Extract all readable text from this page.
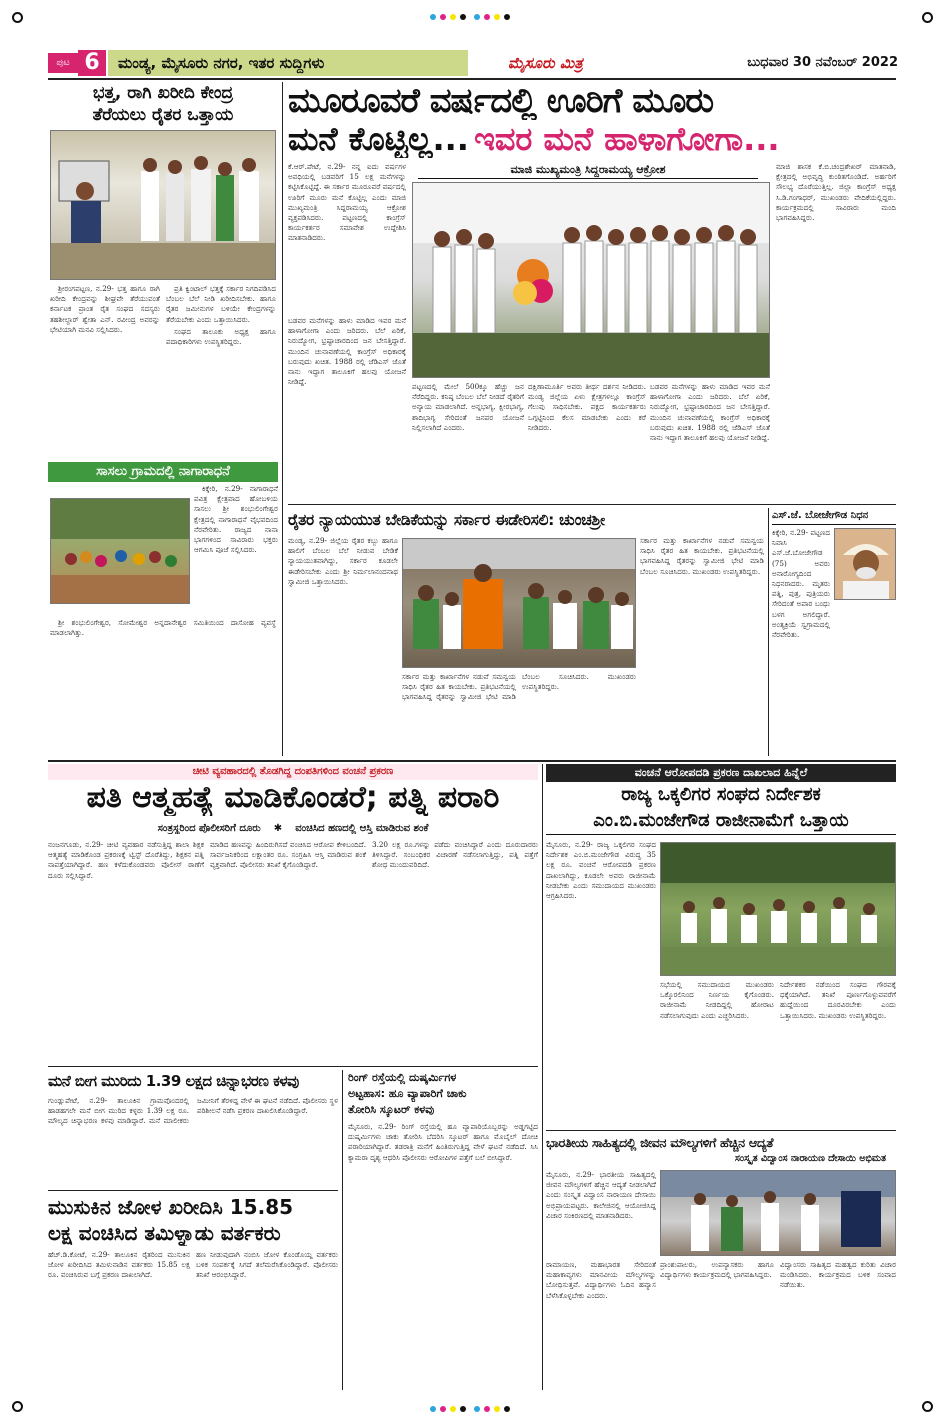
ಪುಟ 6	ಮಂಡ್ಯ, ಮೈಸೂರು ನಗರ, ಇತರ ಸುದ್ದಿಗಳು	ಮೈಸೂರು ಮಿತ್ರ	ಬುಧವಾರ 30 ನವೆಂಬರ್ 2022
ಭತ್ತ, ರಾಗಿ ಖರೀದಿ ಕೇಂದ್ರ
ತೆರೆಯಲು ರೈತರ ಒತ್ತಾಯ

ಶ್ರೀರಂಗಪಟ್ಟಣ, ನ.29- ಭತ್ತ ಹಾಗೂ ರಾಗಿ ಖರೀದಿ ಕೇಂದ್ರವನ್ನು ಶೀಘ್ರವೇ ತೆರೆಯುವಂತೆ ಕರ್ನಾಟಕ ಪ್ರಾಂತ ರೈತ ಸಂಘದ ಸದಸ್ಯರು ತಹಶೀಲ್ದಾರ್ ಶ್ವೇತಾ ಎನ್. ರವೀಂದ್ರ ಅವರನ್ನು ಭೇಟಿಯಾಗಿ ಮನವಿ ಸಲ್ಲಿಸಿದರು.

ಪ್ರತಿ ಕ್ವಿಂಟಾಲ್ ಭತ್ತಕ್ಕೆ ಸರ್ಕಾರ ನಿಗದಿಪಡಿಸಿದ ಬೆಂಬಲ ಬೆಲೆ ನೀಡಿ ಖರೀದಿಸಬೇಕು. ಹಾಗೂ ರೈತರ ಜಮೀನುಗಳ ಬಳಿಯೇ ಕೇಂದ್ರಗಳನ್ನು ತೆರೆಯಬೇಕು ಎಂದು ಒತ್ತಾಯಿಸಿದರು.

ಸಂಘದ ತಾಲೂಕು ಅಧ್ಯಕ್ಷ ಹಾಗೂ ಪದಾಧಿಕಾರಿಗಳು ಉಪಸ್ಥಿತರಿದ್ದರು.

ಸಾಸಲು ಗ್ರಾಮದಲ್ಲಿ ನಾಗಾರಾಧನೆ

ಕಿಕ್ಕೇರಿ, ನ.29- ನಾಗಾರಾಧನೆ ಪವಿತ್ರ ಕ್ಷೇತ್ರವಾದ ಹೋಬಳಿಯ ಸಾಸಲು ಶ್ರೀ ಶಂಭುಲಿಂಗೇಶ್ವರ ಕ್ಷೇತ್ರದಲ್ಲಿ ನಾಗಾರಾಧನೆ ವೈಭವದಿಂದ ನೆರವೇರಿತು. ರಾಜ್ಯದ ನಾನಾ ಭಾಗಗಳಿಂದ ಸಾವಿರಾರು ಭಕ್ತರು ಆಗಮಿಸಿ ಪೂಜೆ ಸಲ್ಲಿಸಿದರು.

ಶ್ರೀ ಶಂಭುಲಿಂಗೇಶ್ವರ, ಸೋಮೇಶ್ವರ ಅನ್ನದಾನೇಶ್ವರ ಸಮಿತಿಯಿಂದ ದಾಸೋಹ ವ್ಯವಸ್ಥೆ ಮಾಡಲಾಗಿತ್ತು.

ಮೂರೂವರೆ ವರ್ಷದಲ್ಲಿ ಊರಿಗೆ ಮೂರು
ಮನೆ ಕೊಟ್ಟಿಲ್ಲ... ಇವರ ಮನೆ ಹಾಳಾಗೋಗಾ...
ಮಾಜಿ ಮುಖ್ಯಮಂತ್ರಿ ಸಿದ್ದರಾಮಯ್ಯ ಆಕ್ರೋಶ
ಕೆ.ಆರ್.ಪೇಟೆ, ನ.29- ನನ್ನ ಐದು ವರ್ಷಗಳ ಅವಧಿಯಲ್ಲಿ ಬಡವರಿಗೆ 15 ಲಕ್ಷ ಮನೆಗಳನ್ನು ಕಟ್ಟಿಸಿಕೊಟ್ಟಿದ್ದೆ. ಈ ಸರ್ಕಾರ ಮೂರೂವರೆ ವರ್ಷದಲ್ಲಿ ಊರಿಗೆ ಮೂರು ಮನೆ ಕೊಟ್ಟಿಲ್ಲ ಎಂದು ಮಾಜಿ ಮುಖ್ಯಮಂತ್ರಿ ಸಿದ್ದರಾಮಯ್ಯ ಆಕ್ರೋಶ ವ್ಯಕ್ತಪಡಿಸಿದರು. ಪಟ್ಟಣದಲ್ಲಿ ಕಾಂಗ್ರೆಸ್ ಕಾರ್ಯಕರ್ತರ ಸಮಾವೇಶ ಉದ್ದೇಶಿಸಿ ಮಾತನಾಡಿದರು.
ಬಡವರ ಮನೆಗಳನ್ನು ಹಾಳು ಮಾಡಿದ ಇವರ ಮನೆ ಹಾಳಾಗೋಗಾ ಎಂದು ಜರಿದರು. ಬೆಲೆ ಏರಿಕೆ, ನಿರುದ್ಯೋಗ, ಭ್ರಷ್ಟಾಚಾರದಿಂದ ಜನ ಬೇಸತ್ತಿದ್ದಾರೆ. ಮುಂದಿನ ಚುನಾವಣೆಯಲ್ಲಿ ಕಾಂಗ್ರೆಸ್ ಅಧಿಕಾರಕ್ಕೆ ಬರುವುದು ಖಚಿತ. 1988 ರಲ್ಲಿ ಜೆಡಿಎಸ್ ಜೊತೆ ನಾನು ಇದ್ದಾಗ ತಾಲೂಕಿಗೆ ಹಲವು ಯೋಜನೆ ನೀಡಿದ್ದೆ.
ಪಟ್ಟಣದಲ್ಲಿ ಮೇಲೆ 500ಕ್ಕೂ ಹೆಚ್ಚು ಜನ ನೆರೆದಿದ್ದರು. ಕನಿಷ್ಠ ಬೆಂಬಲ ಬೆಲೆ ನೀಡದೆ ರೈತರಿಗೆ ಅನ್ಯಾಯ ಮಾಡಲಾಗಿದೆ. ಅನ್ನಭಾಗ್ಯ, ಕ್ಷೀರಭಾಗ್ಯ, ಶಾದಿಭಾಗ್ಯ ಸೇರಿದಂತೆ ಜನಪರ ಯೋಜನೆ ನಿಲ್ಲಿಸಲಾಗಿದೆ ಎಂದರು.
ದಕ್ಷಿಣಾಮೂರ್ತಿ ಅವರು ತೀರ್ಥ ದರ್ಶನ ನೀಡಿದರು. ಮಂಡ್ಯ ಜಿಲ್ಲೆಯ ಏಳು ಕ್ಷೇತ್ರಗಳಲ್ಲೂ ಕಾಂಗ್ರೆಸ್ ಗೆಲುವು ಸಾಧಿಸಬೇಕು. ಪಕ್ಷದ ಕಾರ್ಯಕರ್ತರು ಒಗ್ಗಟ್ಟಿನಿಂದ ಕೆಲಸ ಮಾಡಬೇಕು ಎಂದು ಕರೆ ನೀಡಿದರು.
ಬಡವರ ಮನೆಗಳನ್ನು ಹಾಳು ಮಾಡಿದ ಇವರ ಮನೆ ಹಾಳಾಗೋಗಾ ಎಂದು ಜರಿದರು. ಬೆಲೆ ಏರಿಕೆ, ನಿರುದ್ಯೋಗ, ಭ್ರಷ್ಟಾಚಾರದಿಂದ ಜನ ಬೇಸತ್ತಿದ್ದಾರೆ. ಮುಂದಿನ ಚುನಾವಣೆಯಲ್ಲಿ ಕಾಂಗ್ರೆಸ್ ಅಧಿಕಾರಕ್ಕೆ ಬರುವುದು ಖಚಿತ. 1988 ರಲ್ಲಿ ಜೆಡಿಎಸ್ ಜೊತೆ ನಾನು ಇದ್ದಾಗ ತಾಲೂಕಿಗೆ ಹಲವು ಯೋಜನೆ ನೀಡಿದ್ದೆ.
ಮಾಜಿ ಶಾಸಕ ಕೆ.ಬಿ.ಚಂದ್ರಶೇಖರ್ ಮಾತನಾಡಿ, ಕ್ಷೇತ್ರದಲ್ಲಿ ಅಭಿವೃದ್ಧಿ ಕುಂಠಿತಗೊಂಡಿದೆ. ಅರ್ಹರಿಗೆ ಸೌಲಭ್ಯ ದೊರೆಯುತ್ತಿಲ್ಲ. ಜಿಲ್ಲಾ ಕಾಂಗ್ರೆಸ್ ಅಧ್ಯಕ್ಷ ಸಿ.ಡಿ.ಗಂಗಾಧರ್, ಮುಖಂಡರು ವೇದಿಕೆಯಲ್ಲಿದ್ದರು. ಕಾರ್ಯಕ್ರಮದಲ್ಲಿ ಸಾವಿರಾರು ಮಂದಿ ಭಾಗವಹಿಸಿದ್ದರು.
ರೈತರ ನ್ಯಾಯಯುತ ಬೇಡಿಕೆಯನ್ನು ಸರ್ಕಾರ ಈಡೇರಿಸಲಿ: ಚುಂಚಶ್ರೀ
ಮಂಡ್ಯ, ನ.29- ಜಿಲ್ಲೆಯ ರೈತರ ಕಬ್ಬು ಹಾಗೂ ಹಾಲಿಗೆ ಬೆಂಬಲ ಬೆಲೆ ನೀಡುವ ಬೇಡಿಕೆ ನ್ಯಾಯಯುತವಾಗಿದ್ದು, ಸರ್ಕಾರ ಕೂಡಲೇ ಈಡೇರಿಸಬೇಕು ಎಂದು ಶ್ರೀ ನಿರ್ಮಲಾನಂದನಾಥ ಸ್ವಾಮೀಜಿ ಒತ್ತಾಯಿಸಿದರು.
ಸರ್ಕಾರ ಮತ್ತು ಕಾರ್ಖಾನೆಗಳ ನಡುವೆ ಸಮನ್ವಯ ಸಾಧಿಸಿ ರೈತರ ಹಿತ ಕಾಯಬೇಕು. ಪ್ರತಿಭಟನೆಯಲ್ಲಿ ಭಾಗವಹಿಸಿದ್ದ ರೈತರನ್ನು ಸ್ವಾಮೀಜಿ ಭೇಟಿ ಮಾಡಿ ಬೆಂಬಲ ಸೂಚಿಸಿದರು. ಮುಖಂಡರು ಉಪಸ್ಥಿತರಿದ್ದರು.
ಸರ್ಕಾರ ಮತ್ತು ಕಾರ್ಖಾನೆಗಳ ನಡುವೆ ಸಮನ್ವಯ ಸಾಧಿಸಿ ರೈತರ ಹಿತ ಕಾಯಬೇಕು. ಪ್ರತಿಭಟನೆಯಲ್ಲಿ ಭಾಗವಹಿಸಿದ್ದ ರೈತರನ್ನು ಸ್ವಾಮೀಜಿ ಭೇಟಿ ಮಾಡಿ ಬೆಂಬಲ ಸೂಚಿಸಿದರು. ಮುಖಂಡರು ಉಪಸ್ಥಿತರಿದ್ದರು.
ಎಸ್.ಜೆ. ಬೋಜೇಗೌಡ ನಿಧನ
ಕಿಕ್ಕೇರಿ, ನ.29- ಪಟ್ಟಣದ ನಿವಾಸಿ ಎಸ್.ಜೆ.ಬೋಜೇಗೌಡ (75) ಅವರು ಅನಾರೋಗ್ಯದಿಂದ ನಿಧನರಾದರು. ಮೃತರು ಪತ್ನಿ, ಪುತ್ರ, ಪುತ್ರಿಯರು ಸೇರಿದಂತೆ ಅಪಾರ ಬಂಧು ಬಳಗ ಅಗಲಿದ್ದಾರೆ. ಅಂತ್ಯಕ್ರಿಯೆ ಸ್ವಗ್ರಾಮದಲ್ಲಿ ನೆರವೇರಿತು.
ಚೀಟಿ ವ್ಯವಹಾರದಲ್ಲಿ ತೊಡಗಿದ್ದ ದಂಪತಿಗಳಿಂದ ವಂಚನೆ ಪ್ರಕರಣ
ಪತಿ ಆತ್ಮಹತ್ಯೆ ಮಾಡಿಕೊಂಡರೆ; ಪತ್ನಿ ಪರಾರಿ
ಸಂತ್ರಸ್ಥರಿಂದ ಪೊಲೀಸರಿಗೆ ದೂರು ✱ ವಂಚಿಸಿದ ಹಣದಲ್ಲಿ ಆಸ್ತಿ ಮಾಡಿರುವ ಶಂಕೆ
ನಂಜನಗೂಡು, ನ.29- ಚೀಟಿ ವ್ಯವಹಾರ ನಡೆಸುತ್ತಿದ್ದ ಶಾಲಾ ಶಿಕ್ಷಕ ಆತ್ಮಹತ್ಯೆ ಮಾಡಿಕೊಂಡ ಪ್ರಕರಣಕ್ಕೆ ಟ್ವಿಸ್ಟ್ ದೊರೆತಿದ್ದು, ಶಿಕ್ಷಕನ ಪತ್ನಿ ನಾಪತ್ತೆಯಾಗಿದ್ದಾರೆ. ಹಣ ಕಳೆದುಕೊಂಡವರು ಪೊಲೀಸ್ ಠಾಣೆಗೆ ದೂರು ಸಲ್ಲಿಸಿದ್ದಾರೆ.
ಮಾಡಿದ ಹಣವನ್ನು ಹಿಂದಿರುಗಿಸದೆ ವಂಚಿಸಿದ ಆರೋಪ ಕೇಳಿಬಂದಿದೆ. ಸಾರ್ವಜನಿಕರಿಂದ ಲಕ್ಷಾಂತರ ರೂ. ಸಂಗ್ರಹಿಸಿ ಆಸ್ತಿ ಮಾಡಿರುವ ಶಂಕೆ ವ್ಯಕ್ತವಾಗಿದೆ. ಪೊಲೀಸರು ತನಿಖೆ ಕೈಗೊಂಡಿದ್ದಾರೆ.
3.20 ಲಕ್ಷ ರೂ.ಗಳನ್ನು ಪಡೆದು ವಂಚಿಸಿದ್ದಾರೆ ಎಂದು ದೂರುದಾರರು ತಿಳಿಸಿದ್ದಾರೆ. ಸಂಬಂಧಿಕರ ವಿಚಾರಣೆ ನಡೆಸಲಾಗುತ್ತಿದ್ದು, ಪತ್ನಿ ಪತ್ತೆಗೆ ಶೋಧ ಮುಂದುವರಿದಿದೆ.
ಮನೆ ಬೀಗ ಮುರಿದು 1.39 ಲಕ್ಷದ ಚಿನ್ನಾಭರಣ ಕಳವು
ಗುಂಡ್ಲುಪೇಟೆ, ನ.29- ತಾಲೂಕಿನ ಗ್ರಾಮವೊಂದರಲ್ಲಿ ಹಾಡಹಗಲೇ ಮನೆ ಬೀಗ ಮುರಿದ ಕಳ್ಳರು 1.39 ಲಕ್ಷ ರೂ. ಮೌಲ್ಯದ ಚಿನ್ನಾಭರಣ ಕಳವು ಮಾಡಿದ್ದಾರೆ. ಮನೆ ಮಾಲೀಕರು ಜಮೀನಿಗೆ ತೆರಳಿದ್ದ ವೇಳೆ ಈ ಘಟನೆ ನಡೆದಿದೆ. ಪೊಲೀಸರು ಸ್ಥಳ ಪರಿಶೀಲನೆ ನಡೆಸಿ ಪ್ರಕರಣ ದಾಖಲಿಸಿಕೊಂಡಿದ್ದಾರೆ.
ಮುಸುಕಿನ ಜೋಳ ಖರೀದಿಸಿ 15.85
ಲಕ್ಷ ವಂಚಿಸಿದ ತಮಿಳ್ನಾಡು ವರ್ತಕರು
ಹೆಚ್.ಡಿ.ಕೋಟೆ, ನ.29- ತಾಲೂಕಿನ ರೈತರಿಂದ ಮುಸುಕಿನ ಜೋಳ ಖರೀದಿಸಿದ ತಮಿಳುನಾಡಿನ ವರ್ತಕರು 15.85 ಲಕ್ಷ ರೂ. ವಂಚಿಸಿರುವ ಬಗ್ಗೆ ಪ್ರಕರಣ ದಾಖಲಾಗಿದೆ.
ಹಣ ನೀಡುವುದಾಗಿ ನಂಬಿಸಿ ಜೋಳ ಕೊಂಡೊಯ್ದ ವರ್ತಕರು ಬಳಿಕ ಸಂಪರ್ಕಕ್ಕೆ ಸಿಗದೆ ತಲೆಮರೆಸಿಕೊಂಡಿದ್ದಾರೆ. ಪೊಲೀಸರು ತನಿಖೆ ಆರಂಭಿಸಿದ್ದಾರೆ.
ರಿಂಗ್ ರಸ್ತೆಯಲ್ಲಿ ದುಷ್ಕರ್ಮಿಗಳ
ಅಟ್ಟಹಾಸ: ಹೂ ವ್ಯಾಪಾರಿಗೆ ಚಾಕು
ತೋರಿಸಿ ಸ್ಕೂಟರ್ ಕಳವು
ಮೈಸೂರು, ನ.29- ರಿಂಗ್ ರಸ್ತೆಯಲ್ಲಿ ಹೂ ವ್ಯಾಪಾರಿಯೊಬ್ಬರನ್ನು ಅಡ್ಡಗಟ್ಟಿದ ದುಷ್ಕರ್ಮಿಗಳು ಚಾಕು ತೋರಿಸಿ ಬೆದರಿಸಿ ಸ್ಕೂಟರ್ ಹಾಗೂ ಮೊಬೈಲ್ ದೋಚಿ ಪರಾರಿಯಾಗಿದ್ದಾರೆ. ತಡರಾತ್ರಿ ಮನೆಗೆ ಹಿಂತಿರುಗುತ್ತಿದ್ದ ವೇಳೆ ಘಟನೆ ನಡೆದಿದೆ. ಸಿಸಿ ಕ್ಯಾಮರಾ ದೃಶ್ಯ ಆಧರಿಸಿ ಪೊಲೀಸರು ಆರೋಪಿಗಳ ಪತ್ತೆಗೆ ಬಲೆ ಬೀಸಿದ್ದಾರೆ.
ವಂಚನೆ ಆರೋಪದಡಿ ಪ್ರಕರಣ ದಾಖಲಾದ ಹಿನ್ನೆಲೆ
ರಾಜ್ಯ ಒಕ್ಕಲಿಗರ ಸಂಘದ ನಿರ್ದೇಶಕ
ಎಂ.ಬಿ.ಮಂಜೇಗೌಡ ರಾಜೀನಾಮೆಗೆ ಒತ್ತಾಯ
ಮೈಸೂರು, ನ.29- ರಾಜ್ಯ ಒಕ್ಕಲಿಗರ ಸಂಘದ ನಿರ್ದೇಶಕ ಎಂ.ಬಿ.ಮಂಜೇಗೌಡ ವಿರುದ್ಧ 35 ಲಕ್ಷ ರೂ. ವಂಚನೆ ಆರೋಪದಡಿ ಪ್ರಕರಣ ದಾಖಲಾಗಿದ್ದು, ಕೂಡಲೇ ಅವರು ರಾಜೀನಾಮೆ ನೀಡಬೇಕು ಎಂದು ಸಮುದಾಯದ ಮುಖಂಡರು ಆಗ್ರಹಿಸಿದರು.
ಸಭೆಯಲ್ಲಿ ಸಮುದಾಯದ ಮುಖಂಡರು ಒಕ್ಕೊರಲಿನಿಂದ ನಿರ್ಣಯ ಕೈಗೊಂಡರು. ರಾಜೀನಾಮೆ ನೀಡದಿದ್ದಲ್ಲಿ ಹೋರಾಟ ನಡೆಸಲಾಗುವುದು ಎಂದು ಎಚ್ಚರಿಸಿದರು.
ನಿರ್ದೇಶಕರ ನಡೆಯಿಂದ ಸಂಘದ ಗೌರವಕ್ಕೆ ಧಕ್ಕೆಯಾಗಿದೆ. ತನಿಖೆ ಪೂರ್ಣಗೊಳ್ಳುವವರೆಗೆ ಹುದ್ದೆಯಿಂದ ದೂರವಿರಬೇಕು ಎಂದು ಒತ್ತಾಯಿಸಿದರು. ಮುಖಂಡರು ಉಪಸ್ಥಿತರಿದ್ದರು.
ಭಾರತೀಯ ಸಾಹಿತ್ಯದಲ್ಲಿ ಜೀವನ ಮೌಲ್ಯಗಳಿಗೆ ಹೆಚ್ಚಿನ ಆದ್ಯತೆ
ಸಂಸ್ಕೃತ ವಿದ್ವಾಂಸ ನಾರಾಯಣ ದೇಸಾಯಿ ಅಭಿಮತ
ಮೈಸೂರು, ನ.29- ಭಾರತೀಯ ಸಾಹಿತ್ಯದಲ್ಲಿ ಜೀವನ ಮೌಲ್ಯಗಳಿಗೆ ಹೆಚ್ಚಿನ ಆದ್ಯತೆ ನೀಡಲಾಗಿದೆ ಎಂದು ಸಂಸ್ಕೃತ ವಿದ್ವಾಂಸ ನಾರಾಯಣ ದೇಸಾಯಿ ಅಭಿಪ್ರಾಯಪಟ್ಟರು. ಕಾಲೇಜಿನಲ್ಲಿ ಆಯೋಜಿಸಿದ್ದ ವಿಚಾರ ಸಂಕಿರಣದಲ್ಲಿ ಮಾತನಾಡಿದರು.
ರಾಮಾಯಣ, ಮಹಾಭಾರತ ಸೇರಿದಂತೆ ಮಹಾಕಾವ್ಯಗಳು ಮಾನವೀಯ ಮೌಲ್ಯಗಳನ್ನು ಬೋಧಿಸುತ್ತವೆ. ವಿದ್ಯಾರ್ಥಿಗಳು ಓದಿನ ಹವ್ಯಾಸ ಬೆಳೆಸಿಕೊಳ್ಳಬೇಕು ಎಂದರು.
ಪ್ರಾಂಶುಪಾಲರು, ಉಪನ್ಯಾಸಕರು ಹಾಗೂ ವಿದ್ಯಾರ್ಥಿಗಳು ಕಾರ್ಯಕ್ರಮದಲ್ಲಿ ಭಾಗವಹಿಸಿದ್ದರು.
ವಿದ್ವಾಂಸರು ಸಾಹಿತ್ಯದ ಮಹತ್ವದ ಕುರಿತು ವಿಚಾರ ಮಂಡಿಸಿದರು. ಕಾರ್ಯಕ್ರಮದ ಬಳಿಕ ಸಂವಾದ ನಡೆಯಿತು.
